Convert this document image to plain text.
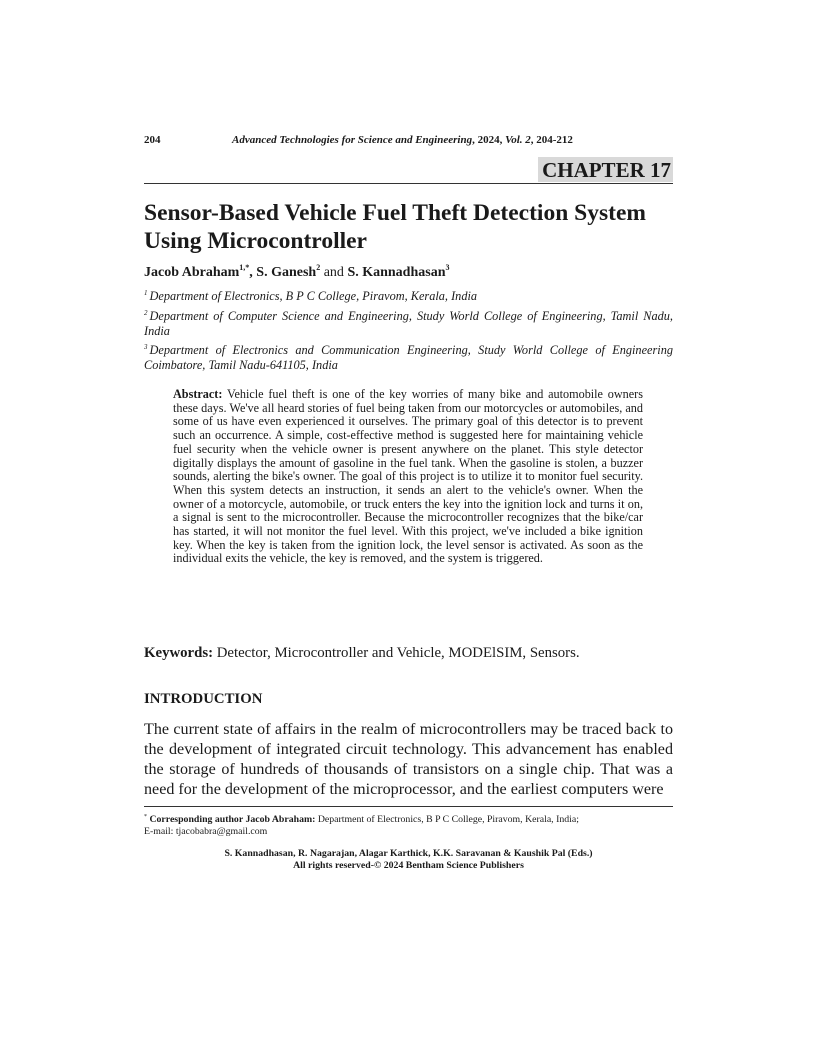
204	Advanced Technologies for Science and Engineering, 2024, Vol. 2, 204-212
CHAPTER 17
Sensor-Based Vehicle Fuel Theft Detection System Using Microcontroller
Jacob Abraham$^{1,*}$, S. Ganesh$^2$ and S. Kannadhasan$^3$
$^1$ Department of Electronics, B P C College, Piravom, Kerala, India
$^2$ Department of Computer Science and Engineering, Study World College of Engineering, Tamil Nadu, India
$^3$ Department of Electronics and Communication Engineering, Study World College of Engineering Coimbatore, Tamil Nadu-641105, India
Abstract: Vehicle fuel theft is one of the key worries of many bike and automobile owners these days. We've all heard stories of fuel being taken from our motorcycles or automobiles, and some of us have even experienced it ourselves. The primary goal of this detector is to prevent such an occurrence. A simple, cost-effective method is suggested here for maintaining vehicle fuel security when the vehicle owner is present anywhere on the planet. This style detector digitally displays the amount of gasoline in the fuel tank. When the gasoline is stolen, a buzzer sounds, alerting the bike's owner. The goal of this project is to utilize it to monitor fuel security. When this system detects an instruction, it sends an alert to the vehicle's owner. When the owner of a motorcycle, automobile, or truck enters the key into the ignition lock and turns it on, a signal is sent to the microcontroller. Because the microcontroller recognizes that the bike/car has started, it will not monitor the fuel level. With this project, we've included a bike ignition key. When the key is taken from the ignition lock, the level sensor is activated. As soon as the individual exits the vehicle, the key is removed, and the system is triggered.
Keywords: Detector, Microcontroller and Vehicle, MODElSIM, Sensors.
INTRODUCTION

The current state of affairs in the realm of microcontrollers may be traced back to the development of integrated circuit technology. This advancement has enabled the storage of hundreds of thousands of transistors on a single chip. That was a need for the development of the microprocessor, and the earliest computers were

* Corresponding author Jacob Abraham: Department of Electronics, B P C College, Piravom, Kerala, India;
E-mail: tjacobabra@gmail.com
S. Kannadhasan, R. Nagarajan, Alagar Karthick, K.K. Saravanan & Kaushik Pal (Eds.)
All rights reserved-© 2024 Bentham Science Publishers
